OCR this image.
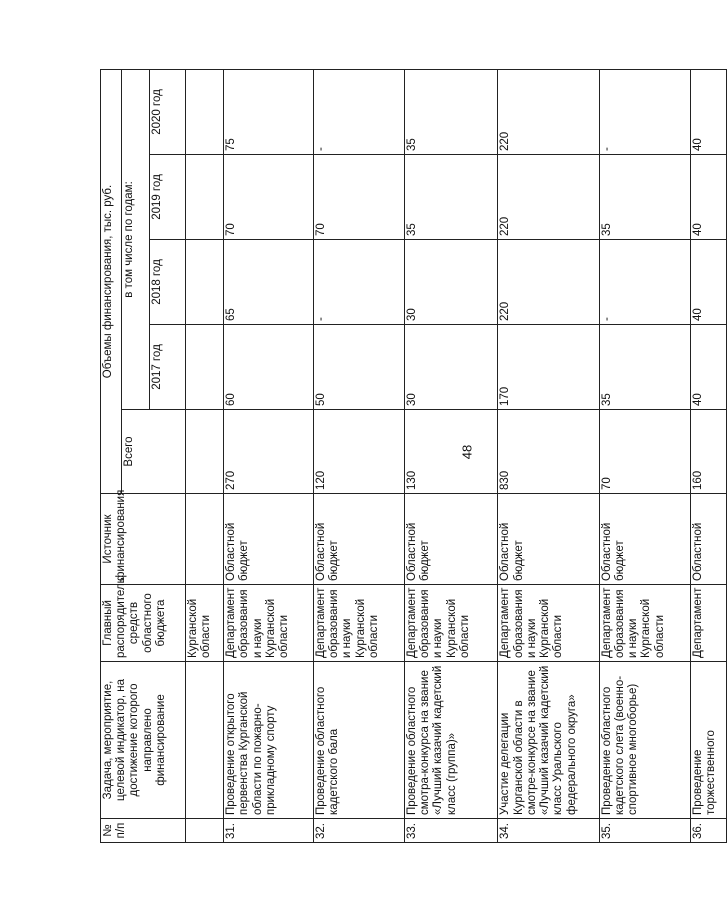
48
№ п/п	Задача, мероприятие, целевой индикатор, на достижение которого направлено финансирование	Главный распорядитель средств областного бюджета	Источник финансирования	Объемы финансирования, тыс. руб.				
				Всего	в том числе по годам:			
					2017 год	2018 год	2019 год	2020 год
		Курганской области						
31.	Проведение открытого первенства Курганской области по пожарно-прикладному спорту	Департамент образования и науки Курганской области	Областной бюджет	270	60	65	70	75
32.	Проведение областного кадетского бала	Департамент образования и науки Курганской области	Областной бюджет	120	50	-	70	-
33.	Проведение областного смотра-конкурса на звание «Лучший казачий кадетский класс (группа)»	Департамент образования и науки Курганской области	Областной бюджет	130	30	30	35	35
34.	Участие делегации Курганской области в смотре-конкурсе на звание «Лучший казачий кадетский класс Уральского федерального округа»	Департамент образования и науки Курганской области	Областной бюджет	830	170	220	220	220
35.	Проведение областного кадетского слета (военно-спортивное многоборье)	Департамент образования и науки Курганской области	Областной бюджет	70	35	-	35	-
36.	Проведение торжественного	Департамент	Областной	160	40	40	40	40
